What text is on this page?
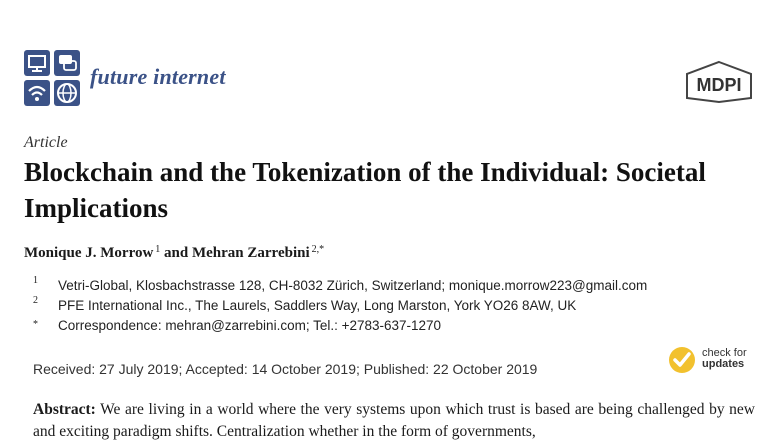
future internet	MDPI
Article
Blockchain and the Tokenization of the Individual: Societal Implications
Monique J. Morrow $^1$ and Mehran Zarrebini $^{2,*}$
1 Vetri-Global, Klosbachstrasse 128, CH-8032 Zürich, Switzerland; monique.morrow223@gmail.com
2 PFE International Inc., The Laurels, Saddlers Way, Long Marston, York YO26 8AW, UK
* Correspondence: mehran@zarrebini.com; Tel.: +2783-637-1270
Received: 27 July 2019; Accepted: 14 October 2019; Published: 22 October 2019
check for
updates
Abstract: We are living in a world where the very systems upon which trust is based are being challenged by new and exciting paradigm shifts. Centralization whether in the form of governments,
